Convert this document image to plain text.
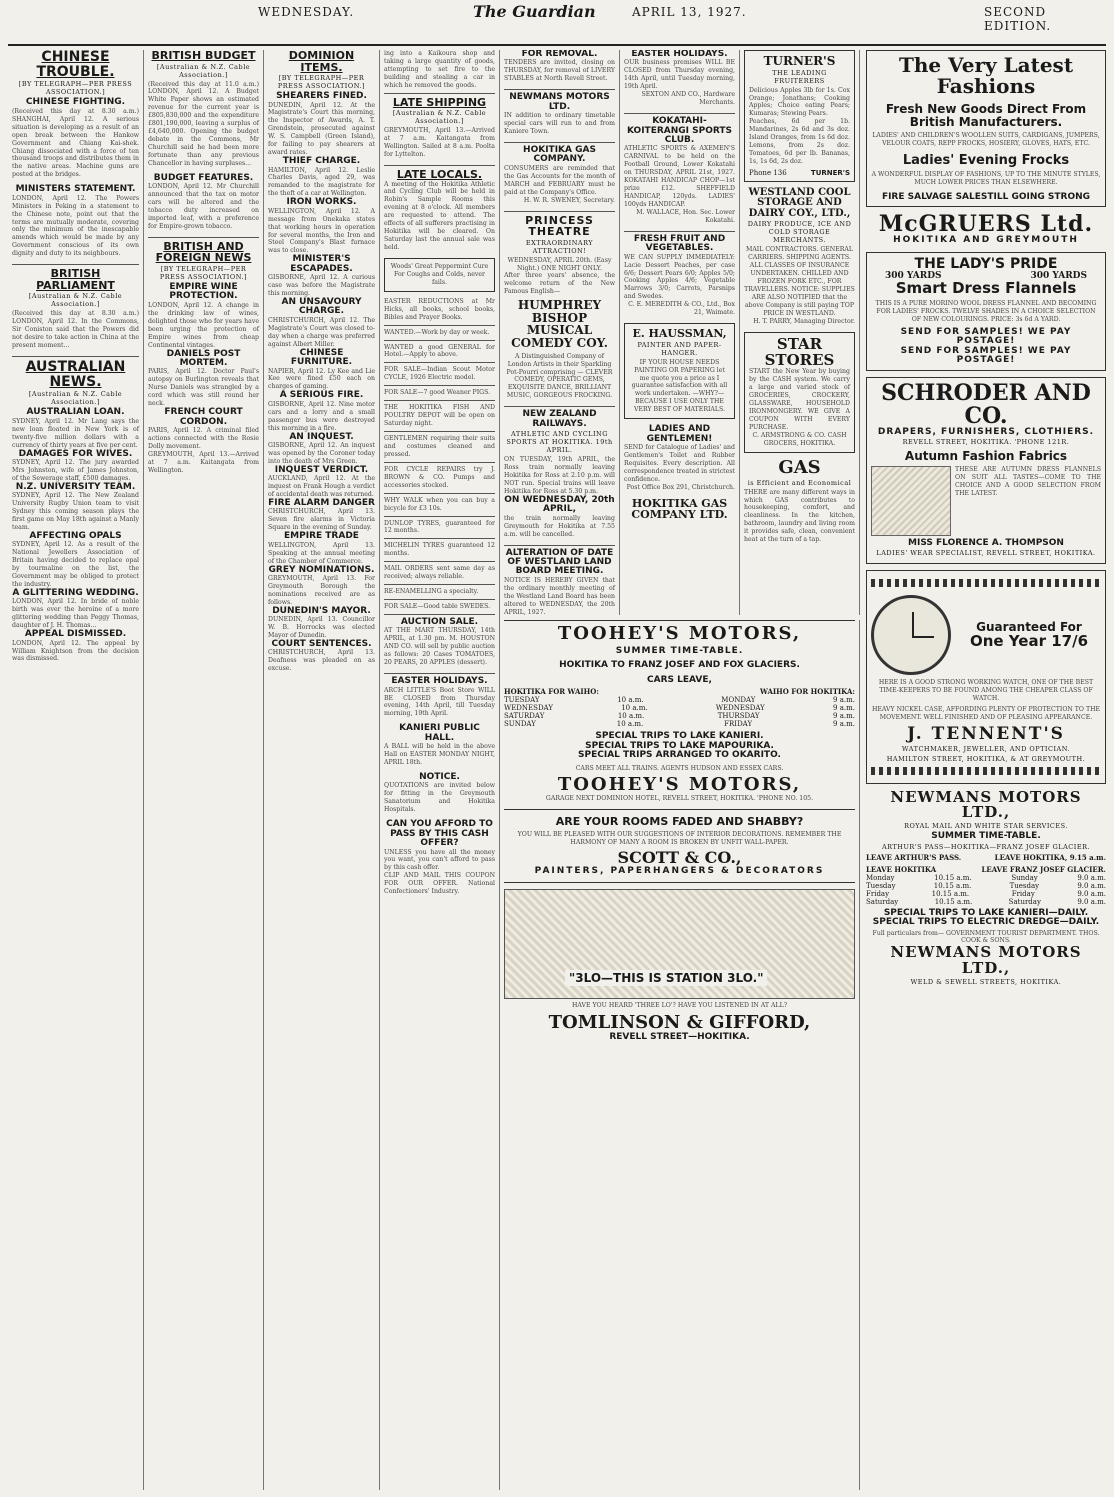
WEDNESDAY.	The Guardian	APRIL 13, 1927.	SECOND EDITION.
CHINESE TROUBLE.
[BY TELEGRAPH—PER PRESS ASSOCIATION.]
CHINESE FIGHTING.

(Received this day at 8.30 a.m.) SHANGHAI, April 12. A serious situation is developing as a result of an open break between the Hankow Government and Chiang Kai-shek. Chiang dissociated with a force of ten thousand troops and distributes them in the native areas. Machine guns are posted at the bridges.

MINISTERS STATEMENT.

LONDON, April 12. The Powers Ministers in Peking in a statement to the Chinese note, point out that the terms are mutually moderate, covering only the minimum of the inescapable amends which would be made by any Government conscious of its own dignity and duty to its neighbours.

BRITISH PARLIAMENT
[Australian & N.Z. Cable Association.]

(Received this day at 8.30 a.m.) LONDON, April 12. In the Commons, Sir Coniston said that the Powers did not desire to take action in China at the present moment...

AUSTRALIAN NEWS.
[Australian & N.Z. Cable Association.]
AUSTRALIAN LOAN.

SYDNEY, April 12. Mr Lang says the new loan floated in New York is of twenty-five million dollars with a currency of thirty years at five per cent.

DAMAGES FOR WIVES.

SYDNEY, April 12. The jury awarded Mrs Johnston, wife of James Johnston, of the Sewerage staff, £500 damages.

N.Z. UNIVERSITY TEAM.

SYDNEY, April 12. The New Zealand University Rugby Union team to visit Sydney this coming season plays the first game on May 18th against a Manly team.

AFFECTING OPALS

SYDNEY, April 12. As a result of the National Jewellers Association of Britain having decided to replace opal by tourmaline on the list, the Government may be obliged to protect the industry.

A GLITTERING WEDDING.

LONDON, April 12. In bride of noble birth was ever the heroine of a more glittering wedding than Peggy Thomas, daughter of J. H. Thomas...

APPEAL DISMISSED.

LONDON, April 12. The appeal by William Knightson from the decision was dismissed.

BRITISH BUDGET
[Australian & N.Z. Cable Association.]

(Received this day at 11.0 a.m.) LONDON, April 12. A Budget White Paper shows an estimated revenue for the current year is £805,830,000 and the expenditure £801,190,000, leaving a surplus of £4,640,000. Opening the budget debate in the Commons, Mr Churchill said he had been more fortunate than any previous Chancellor in having surpluses...

BUDGET FEATURES.

LONDON, April 12. Mr Churchill announced that the tax on motor cars will be altered and the tobacco duty increased on imported leaf, with a preference for Empire-grown tobacco.

BRITISH AND FOREIGN NEWS
[BY TELEGRAPH—PER PRESS ASSOCIATION.]
EMPIRE WINE PROTECTION.

LONDON, April 12. A change in the drinking law of wines, delighted those who for years have been urging the protection of Empire wines from cheap Continental vintages.

DANIELS POST MORTEM.

PARIS, April 12. Doctor Paul's autopsy on Burlington reveals that Nurse Daniels was strangled by a cord which was still round her neck.

FRENCH COURT CORDON.

PARIS, April 12. A criminal filed actions connected with the Rosie Dolly movement.

GREYMOUTH, April 13.—Arrived at 7 a.m. Kaitangata from Wellington.

DOMINION ITEMS.
[BY TELEGRAPH—PER PRESS ASSOCIATION.]
SHEARERS FINED.

DUNEDIN, April 12. At the Magistrate's Court this morning, the Inspector of Awards, A. T. Grendstein, prosecuted against W. S. Campbell (Green Island), for failing to pay shearers at award rates.

THIEF CHARGE.

HAMILTON, April 12. Leslie Charles Davis, aged 29, was remanded to the magistrate for the theft of a car at Wellington.

IRON WORKS.

WELLINGTON, April 12. A message from Onekaka states that working hours in operation for several months, the Iron and Steel Company's Blast furnace was to close.

MINISTER'S ESCAPADES.

GISBORNE, April 12. A curious case was before the Magistrate this morning.

AN UNSAVOURY CHARGE.

CHRISTCHURCH, April 12. The Magistrate's Court was closed to-day when a charge was preferred against Albert Miller.

CHINESE FURNITURE.

NAPIER, April 12. Ly Kee and Lie Kee were fined £50 each on charges of gaming.

A SERIOUS FIRE.

GISBORNE, April 12. Nine motor cars and a lorry and a small passenger bus were destroyed this morning in a fire.

AN INQUEST.

GISBORNE, April 12. An inquest was opened by the Coroner today into the death of Mrs Green.

INQUEST VERDICT.

AUCKLAND, April 12. At the inquest on Frank Hough a verdict of accidental death was returned.

FIRE ALARM DANGER

CHRISTCHURCH, April 13. Seven fire alarms in Victoria Square in the evening of Sunday.

EMPIRE TRADE

WELLINGTON, April 13. Speaking at the annual meeting of the Chamber of Commerce.

GREY NOMINATIONS.

GREYMOUTH, April 13. For Greymouth Borough the nominations received are as follows.

DUNEDIN'S MAYOR.

DUNEDIN, April 13. Councillor W. B. Horrocks was elected Mayor of Dunedin.

COURT SENTENCES.

CHRISTCHURCH, April 13. Deafness was pleaded on as excuse.

ing into a Kaikoura shop and taking a large quantity of goods, attempting to set fire to the building and stealing a car in which he removed the goods.

LATE SHIPPING
[Australian & N.Z. Cable Association.]

GREYMOUTH, April 13.—Arrived at 7 a.m. Kaitangata from Wellington. Sailed at 8 a.m. Poolta for Lyttelton.

LATE LOCALS.

A meeting of the Hokitika Athletic and Cycling Club will be held in Robin's Sample Rooms this evening at 8 o'clock. All members are requested to attend. The effects of all sufferers practising in Hokitika will be cleared. On Saturday last the annual sale was held.

Woods' Great Peppermint Cure For Coughs and Colds, never fails.

EASTER REDUCTIONS at Mr Hicks, all books, school books, Bibles and Prayer Books.

WANTED.—Work by day or week.

WANTED a good GENERAL for Hotel.—Apply to above.

FOR SALE—Indian Scout Motor CYCLE, 1926 Electric model.

FOR SALE—7 good Weaner PIGS.

THE HOKITIKA FISH AND POULTRY DEPOT will be open on Saturday night.

GENTLEMEN requiring their suits and costumes cleaned and pressed.

FOR CYCLE REPAIRS try J. BROWN & CO. Pumps and accessories stocked.

WHY WALK when you can buy a bicycle for £3 10s.

DUNLOP TYRES, guaranteed for 12 months.

MICHELIN TYRES guaranteed 12 months.

MAIL ORDERS sent same day as received; always reliable.

RE-ENAMELLING a specialty.

FOR SALE—Good table SWEDES.

AUCTION SALE.

AT THE MART THURSDAY, 14th APRIL, at 1.30 pm. M. HOUSTON AND CO. will sell by public auction as follows: 20 Cases TOMATOES, 20 PEARS, 20 APPLES (dessert).

EASTER HOLIDAYS.

ARCH LITTLE'S Boot Store WILL BE CLOSED from Thursday evening, 14th April, till Tuesday morning, 19th April.

KANIERI PUBLIC HALL.

A BALL will be held in the above Hall on EASTER MONDAY NIGHT, APRIL 18th.

NOTICE.

QUOTATIONS are invited below for fitting in the Greymouth Sanatorium and Hokitika Hospitals.

CAN YOU AFFORD TO PASS BY THIS CASH OFFER?

UNLESS you have all the money you want, you can't afford to pass by this cash offer.

CLIP AND MAIL THIS COUPON FOR OUR OFFER. National Confectioners' Industry.

FOR REMOVAL.

TENDERS are invited, closing on THURSDAY, for removal of LIVERY STABLES at North Revell Street.

NEWMANS MOTORS LTD.

IN addition to ordinary timetable special cars will run to and from Kaniere Town.

HOKITIKA GAS COMPANY.

CONSUMERS are reminded that the Gas Accounts for the month of MARCH and FEBRUARY must be paid at the Company's Office.

H. W. R. SWENEY, Secretary.

PRINCESS THEATRE
EXTRAORDINARY ATTRACTION!

WEDNESDAY, APRIL 20th. (Easy Night.) ONE NIGHT ONLY.

After three years' absence, the welcome return of the New Famous English—

HUMPHREY BISHOP MUSICAL COMEDY COY.

A Distinguished Company of London Artists in their Sparkling Pot-Pourri comprising — CLEVER COMEDY, OPERATIC GEMS, EXQUISITE DANCE, BRILLIANT MUSIC, GORGEOUS FROCKING.

NEW ZEALAND RAILWAYS.
ATHLETIC AND CYCLING SPORTS AT HOKITIKA. 19th APRIL.

ON TUESDAY, 19th APRIL, the Ross train normally leaving Hokitika for Ross at 2.10 p.m. will NOT run. Special trains will leave Hokitika for Ross at 5.30 p.m.

ON WEDNESDAY, 20th APRIL,

the train normally leaving Greymouth for Hokitika at 7.55 a.m. will be cancelled.

ALTERATION OF DATE OF WESTLAND LAND BOARD MEETING.

NOTICE IS HEREBY GIVEN that the ordinary monthly meeting of the Westland Land Board has been altered to WEDNESDAY, the 20th APRIL, 1927.

EASTER HOLIDAYS.

OUR business premises WILL BE CLOSED from Thursday evening, 14th April, until Tuesday morning, 19th April.

SEXTON AND CO., Hardware Merchants.

KOKATAHI-KOITERANGI SPORTS CLUB.

ATHLETIC SPORTS & AXEMEN'S CARNIVAL to be held on the Football Ground, Lower Kokatahi on THURSDAY, APRIL 21st, 1927. KOKATAHI HANDICAP CHOP—1st prize £12. SHEFFIELD HANDICAP, 120yds. LADIES' 100yds HANDICAP.

M. WALLACE, Hon. Sec. Lower Kokatahi.

FRESH FRUIT AND VEGETABLES.

WE CAN SUPPLY IMMEDIATELY: Lacie Dessert Peaches, per case 6/6; Dessert Pears 6/0; Apples 5/0; Cooking Apples 4/6; Vegetable Marrows 3/0; Carrots, Parsnips and Swedes.

C. E. MEREDITH & CO., Ltd., Box 21, Waimate.

E. HAUSSMAN,
PAINTER AND PAPER-HANGER.

IF YOUR HOUSE NEEDS PAINTING OR PAPERING let me quote you a price as I guarantee satisfaction with all work undertaken. —WHY?— BECAUSE I USE ONLY THE VERY BEST OF MATERIALS.

LADIES AND GENTLEMEN!

SEND for Catalogue of Ladies' and Gentlemen's Toilet and Rubber Requisites. Every description. All correspondence treated in strictest confidence.

Post Office Box 291, Christchurch.

HOKITIKA GAS COMPANY LTD.
TURNER'S
THE LEADING FRUITERERS

Delicious Apples 3lb for 1s. Cox Orange; Jonathans; Cooking Apples; Choice eating Pears; Kumaras; Stewing Pears.

Peaches, 6d per 1b. Mandarines, 2s 6d and 3s doz. Island Oranges, from 1s 6d doz. Lemons, from 2s doz. Tomatoes, 6d per lb. Bananas, 1s, 1s 6d, 2s doz.

Phone 136	TURNER'S
WESTLAND COOL STORAGE AND DAIRY COY., LTD.,
DAIRY PRODUCE, ICE AND COLD STORAGE MERCHANTS.

MAIL CONTRACTORS. GENERAL CARRIERS. SHIPPING AGENTS. ALL CLASSES OF INSURANCE UNDERTAKEN. CHILLED AND FROZEN FORK ETC., FOR TRAVELLERS. NOTICE: SUPPLIES ARE ALSO NOTIFIED that the above Company is still paying TOP PRICE IN WESTLAND.

H. T. PARRY, Managing Director.

STAR STORES

START the New Year by buying by the CASH system. We carry a large and varied stock of GROCERIES, CROCKERY, GLASSWARE, HOUSEHOLD IRONMONGERY. WE GIVE A COUPON WITH EVERY PURCHASE.

C. ARMSTRONG & CO. CASH GROCERS, HOKITIKA.

GAS
is Efficient and Economical

THERE are many different ways in which GAS contributes to housekeeping, comfort, and cleanliness. In the kitchen, bathroom, laundry and living room it provides safe, clean, convenient heat at the turn of a tap.

TOOHEY'S MOTORS,
SUMMER TIME-TABLE.
HOKITIKA TO FRANZ JOSEF AND FOX GLACIERS.
CARS LEAVE,
HOKITIKA FOR WAIHO:	WAIHO FOR HOKITIKA:
TUESDAY	10 a.m.	MONDAY	9 a.m.
WEDNESDAY	10 a.m.	WEDNESDAY	9 a.m.
SATURDAY	10 a.m.	THURSDAY	9 a.m.
SUNDAY	10 a.m.	FRIDAY	9 a.m.
SPECIAL TRIPS TO LAKE KANIERI.
SPECIAL TRIPS TO LAKE MAPOURIKA.
SPECIAL TRIPS ARRANGED TO OKARITO.

CARS MEET ALL TRAINS. AGENTS HUDSON AND ESSEX CARS.

TOOHEY'S MOTORS,

GARAGE NEXT DOMINION HOTEL, REVELL STREET, HOKITIKA. 'PHONE NO. 105.

ARE YOUR ROOMS FADED AND SHABBY?

YOU WILL BE PLEASED WITH OUR SUGGESTIONS OF INTERIOR DECORATIONS. REMEMBER THE HARMONY OF MANY A ROOM IS BROKEN BY UNFIT WALL-PAPER.

SCOTT & CO.,
PAINTERS, PAPERHANGERS & DECORATORS
"3LO—THIS IS STATION 3LO."

HAVE YOU HEARD 'THREE LO'? HAVE YOU LISTENED IN AT ALL?

TOMLINSON & GIFFORD,
REVELL STREET—HOKITIKA.
The Very Latest Fashions
Fresh New Goods Direct From British Manufacturers.

LADIES' AND CHILDREN'S WOOLLEN SUITS, CARDIGANS, JUMPERS, VELOUR COATS, REPP FROCKS, HOSIERY, GLOVES, HATS, ETC.

Ladies' Evening Frocks

A WONDERFUL DISPLAY OF FASHIONS, UP TO THE MINUTE STYLES, MUCH LOWER PRICES THAN ELSEWHERE.

FIRE SALVAGE SALESTILL GOING STRONG
McGRUERS Ltd.
HOKITIKA AND GREYMOUTH
THE LADY'S PRIDE
300 YARDS	300 YARDS
Smart Dress Flannels

THIS IS A PURE MORINO WOOL DRESS FLANNEL AND BECOMING FOR LADIES' FROCKS. TWELVE SHADES IN A CHOICE SELECTION OF NEW COLOURINGS. PRICE: 3s 6d A YARD.

SEND FOR SAMPLES! WE PAY POSTAGE!
SEND FOR SAMPLES! WE PAY POSTAGE!
SCHRODER AND CO.
DRAPERS, FURNISHERS, CLOTHIERS.
REVELL STREET, HOKITIKA. 'PHONE 121R.
Autumn Fashion Fabrics

THESE ARE AUTUMN DRESS FLANNELS ON SUIT ALL TASTES—COME TO THE CHOICE AND A GOOD SELECTION FROM THE LATEST.

MISS FLORENCE A. THOMPSON
LADIES' WEAR SPECIALIST, REVELL STREET, HOKITIKA.
Guaranteed For
One Year 17/6

HERE IS A GOOD STRONG WORKING WATCH, ONE OF THE BEST TIME-KEEPERS TO BE FOUND AMONG THE CHEAPER CLASS OF WATCH.

HEAVY NICKEL CASE, AFFORDING PLENTY OF PROTECTION TO THE MOVEMENT. WELL FINISHED AND OF PLEASING APPEARANCE.

J. TENNENT'S
WATCHMAKER, JEWELLER, AND OPTICIAN.
HAMILTON STREET, HOKITIKA, & AT GREYMOUTH.
NEWMANS MOTORS LTD.,
ROYAL MAIL AND WHITE STAR SERVICES.
SUMMER TIME-TABLE.
ARTHUR'S PASS—HOKITIKA—FRANZ JOSEF GLACIER.
LEAVE ARTHUR'S PASS.	LEAVE HOKITIKA, 9.15 a.m.
LEAVE HOKITIKA	LEAVE FRANZ JOSEF GLACIER.
Monday	10.15 a.m.	Sunday	9.0 a.m.
Tuesday	10.15 a.m.	Tuesday	9.0 a.m.
Friday	10.15 a.m.	Friday	9.0 a.m.
Saturday	10.15 a.m.	Saturday	9.0 a.m.
SPECIAL TRIPS TO LAKE KANIERI—DAILY.
SPECIAL TRIPS TO ELECTRIC DREDGE—DAILY.

Full particulars from— GOVERNMENT TOURIST DEPARTMENT. THOS. COOK & SONS.

NEWMANS MOTORS LTD.,
WELD & SEWELL STREETS, HOKITIKA.
